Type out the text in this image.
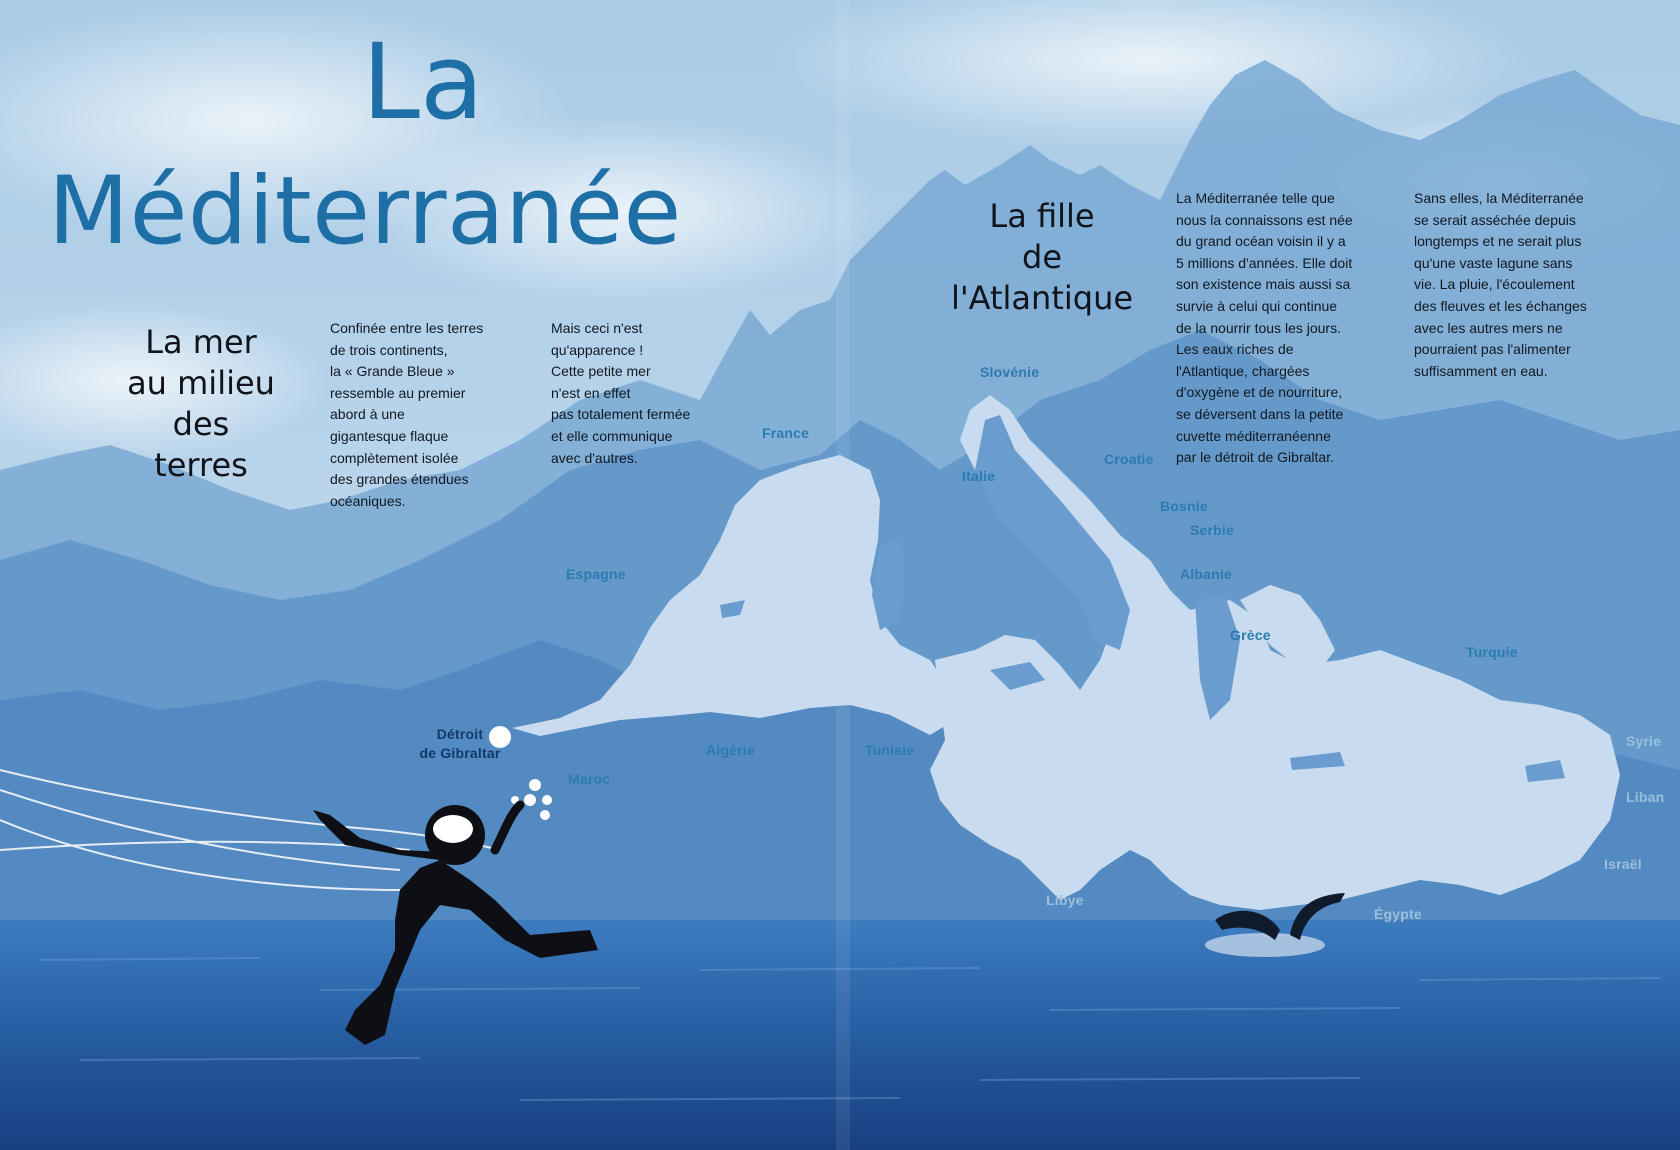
La
Méditerranée
La mer
au milieu
des
terres
Confinée entre les terres
de trois continents,
la « Grande Bleue »
ressemble au premier
abord à une
gigantesque flaque
complètement isolée
des grandes étendues
océaniques.
Mais ceci n'est
qu'apparence !
Cette petite mer
n'est en effet
pas totalement fermée
et elle communique
avec d'autres.
La fille
de
l'Atlantique
La Méditerranée telle que
nous la connaissons est née
du grand océan voisin il y a
5 millions d'années. Elle doit
son existence mais aussi sa
survie à celui qui continue
de la nourrir tous les jours.
Les eaux riches de
l'Atlantique, chargées
d'oxygène et de nourriture,
se déversent dans la petite
cuvette méditerranéenne
par le détroit de Gibraltar.
Sans elles, la Méditerranée
se serait asséchée depuis
longtemps et ne serait plus
qu'une vaste lagune sans
vie. La pluie, l'écoulement
des fleuves et les échanges
avec les autres mers ne
pourraient pas l'alimenter
suffisamment en eau.
Détroit
de Gibraltar
France
Espagne
Maroc
Algérie	Tunisie
Italie
Slovénie
Croatie
Bosnie
Serbie
Albanie
Grèce
Turquie
Syrie
Liban
Israël
Égypte
Libye
